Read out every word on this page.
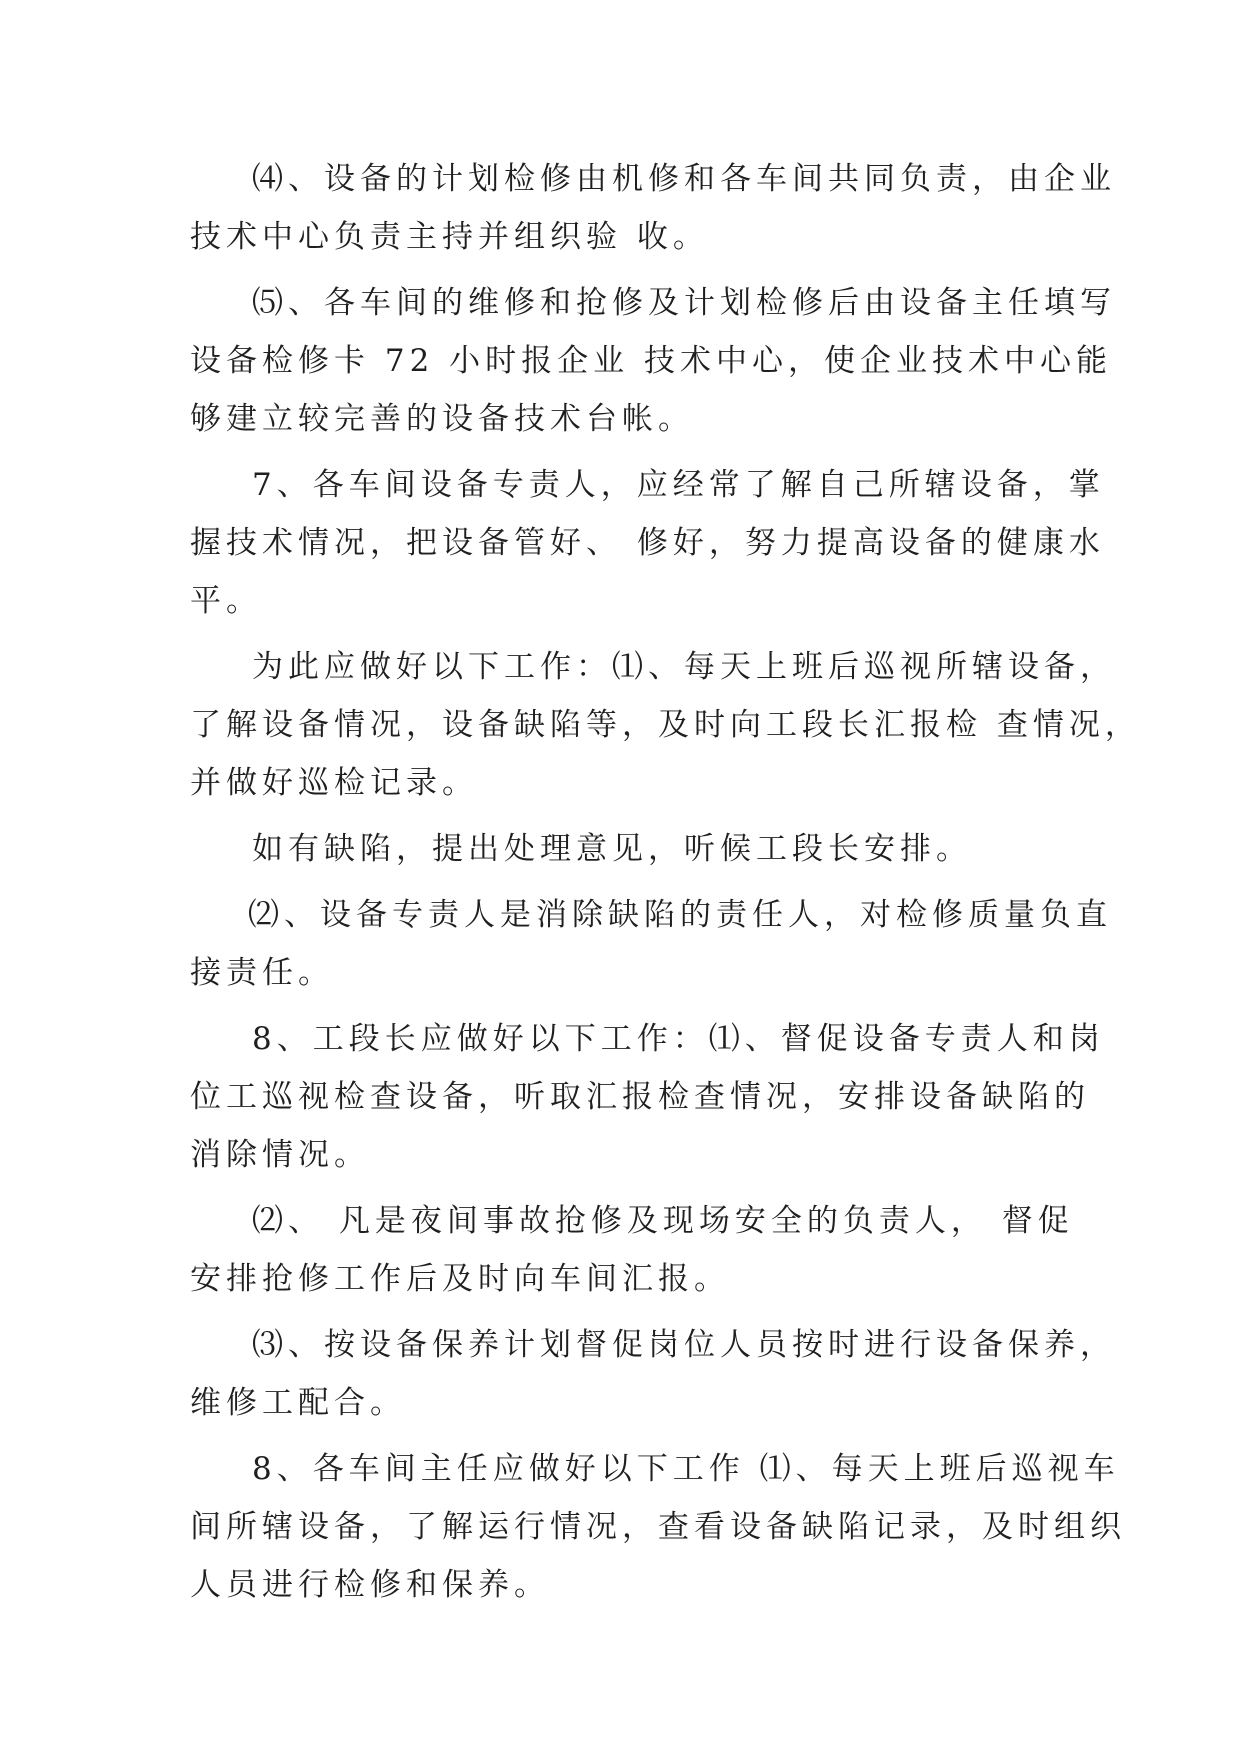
⑷、设备的计划检修由机修和各车间共同负责，由企业
技术中心负责主持并组织验 收。
⑸、各车间的维修和抢修及计划检修后由设备主任填写
设备检修卡 72 小时报企业 技术中心，使企业技术中心能
够建立较完善的设备技术台帐。
7、各车间设备专责人，应经常了解自己所辖设备，掌
握技术情况，把设备管好、 修好，努力提高设备的健康水
平。
为此应做好以下工作：⑴、每天上班后巡视所辖设备，
了解设备情况，设备缺陷等，及时向工段长汇报检 查情况，
并做好巡检记录。
如有缺陷，提出处理意见，听候工段长安排。
⑵、设备专责人是消除缺陷的责任人，对检修质量负直
接责任。
8、工段长应做好以下工作：⑴、督促设备专责人和岗
位工巡视检查设备，听取汇报检查情况，安排设备缺陷的
消除情况。
⑵、 凡是夜间事故抢修及现场安全的负责人， 督促
安排抢修工作后及时向车间汇报。
⑶、按设备保养计划督促岗位人员按时进行设备保养，
维修工配合。
8、各车间主任应做好以下工作 ⑴、每天上班后巡视车
间所辖设备，了解运行情况，查看设备缺陷记录，及时组织
人员进行检修和保养。
